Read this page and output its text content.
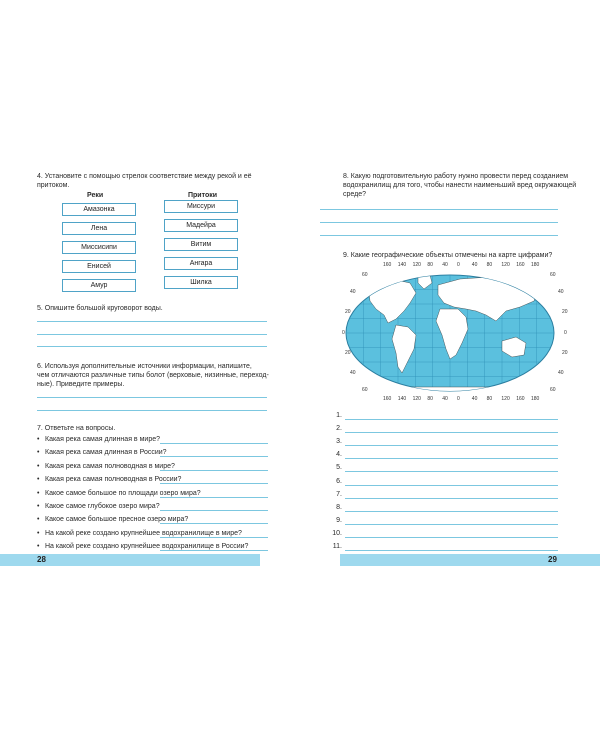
4. Установите с помощью стрелок соответствие между рекой и её
притоком.
Реки	Притоки
Амазонка
Лена
Миссисипи
Енисей
Амур
Миссури
Мадейра
Витим
Ангара
Шилка
5. Опишите большой круговорот воды.
6. Используя дополнительные источники информации, напишите,
чем отличаются различные типы болот (верховые, низинные, переход-
ные). Приведите примеры.
7. Ответьте на вопросы.
• Какая река самая длинная в мире?
• Какая река самая длинная в России?
• Какая река самая полноводная в мире?
• Какая река самая полноводная в России?
• Какое самое большое по площади озеро мира?
• Какое самое глубокое озеро мира?
• Какое самое большое пресное озеро мира?
• На какой реке создано крупнейшее водохранилище в мире?
• На какой реке создано крупнейшее водохранилище в России?
28
8. Какую подготовительную работу нужно провести перед созданием
водохранилищ для того, чтобы нанести наименьший вред окружающей
среде?
9. Какие географические объекты отмечены на карте цифрами?
160 140 120 80 40 0 40 80 120 160 180
160 140 120 80 40 0 40 80 120 160 180
60
40
20
0
20
40
60
60
40
20
0
20
40
60
1.
2.
3.
4.
5.
6.
7.
8.
9.
10.
11.
29
